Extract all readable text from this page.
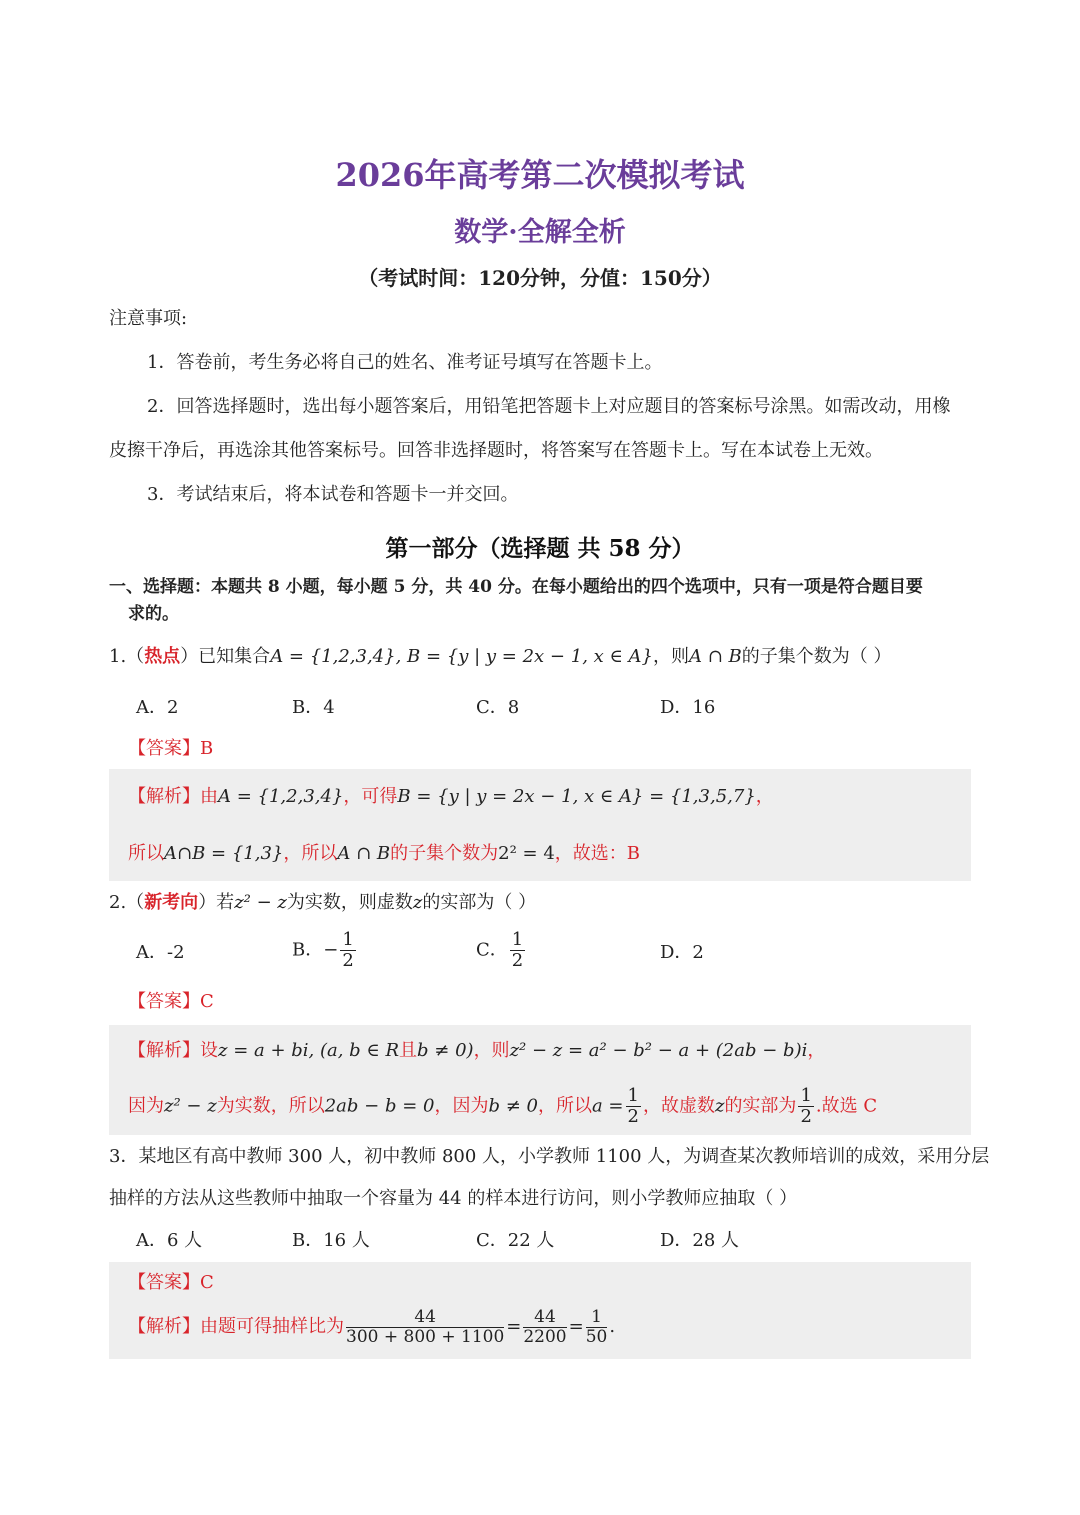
2026年高考第二次模拟考试
数学·全解全析
（考试时间：120分钟，分值：150分）
注意事项:
1．答卷前，考生务必将自己的姓名、准考证号填写在答题卡上。
2．回答选择题时，选出每小题答案后，用铅笔把答题卡上对应题目的答案标号涂黑。如需改动，用橡
皮擦干净后，再选涂其他答案标号。回答非选择题时，将答案写在答题卡上。写在本试卷上无效。
3．考试结束后，将本试卷和答题卡一并交回。
第一部分（选择题 共 58 分）
一、选择题：本题共 8 小题，每小题 5 分，共 40 分。在每小题给出的四个选项中，只有一项是符合题目要
求的。
1.（热点）已知集合A = {1,2,3,4}, B = {y | y = 2x − 1, x ∈ A}，则A ∩ B的子集个数为（ ）
A．2	B．4	C．8	D．16
【答案】B
【解析】由A = {1,2,3,4}，可得B = {y | y = 2x − 1, x ∈ A} = {1,3,5,7}，
所以A∩B = {1,3}，所以A ∩ B的子集个数为2² = 4，故选：B
2.（新考向）若z² − z为实数，则虚数z的实部为（ ）
A．-2	B．− $\frac{1}{2}$	C． $\frac{1}{2}$	D．2
【答案】C
【解析】设z = a + bi, (a, b ∈ R且b ≠ 0)，则z² − z = a² − b² − a + (2ab − b)i，
因为z² − z为实数，所以2ab − b = 0，因为b ≠ 0，所以$a = \frac{1}{2}$ ，故虚数z的实部为 $\frac{1}{2}$ .故选 C
3．某地区有高中教师 300 人，初中教师 800 人，小学教师 1100 人，为调查某次教师培训的成效，采用分层
抽样的方法从这些教师中抽取一个容量为 44 的样本进行访问，则小学教师应抽取（ ）
A．6 人	B．16 人	C．22 人	D．28 人
【答案】C
【解析】由题可得抽样比为 $\frac{44}{300 + 800 + 1100} = \frac{44}{2200} = \frac{1}{50}$ .
